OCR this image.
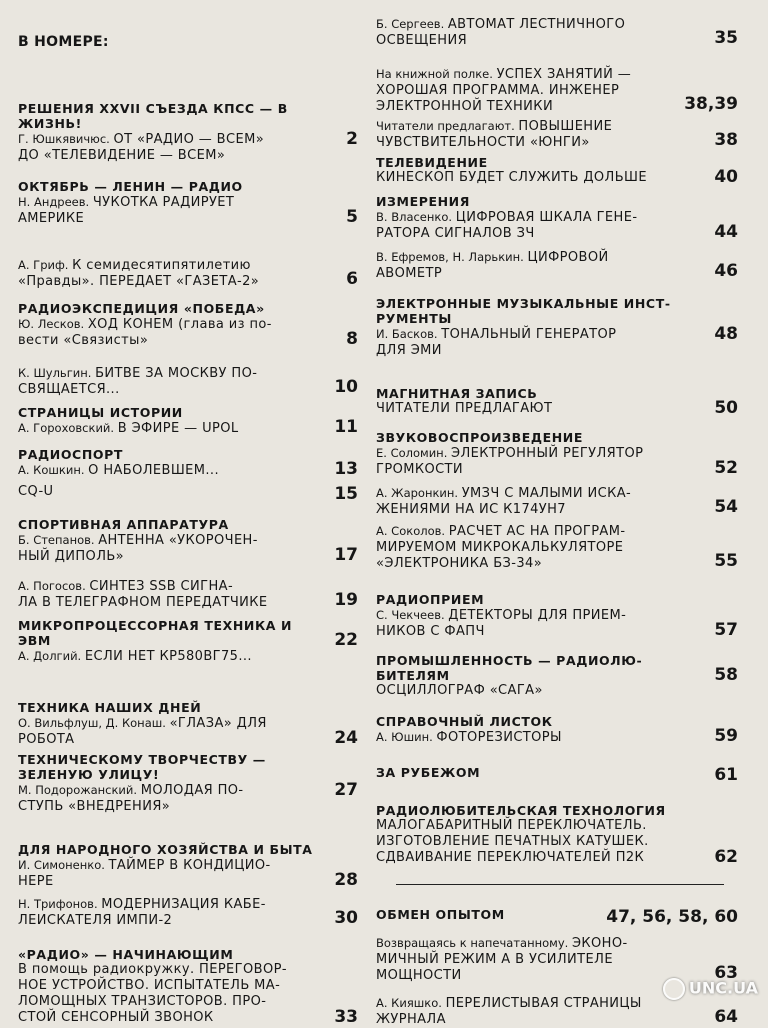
В НОМЕРЕ:
РЕШЕНИЯ XXVII СЪЕЗДА КПСС — В ЖИЗНЬ!
Г. Юшкявичюс. ОТ «РАДИО — ВСЕМ»
ДО «ТЕЛЕВИДЕНИЕ — ВСЕМ»
2
ОКТЯБРЬ — ЛЕНИН — РАДИО
Н. Андреев. ЧУКОТКА РАДИРУЕТ
АМЕРИКЕ	5
А. Гриф. К семидесятипятилетию
«Правды». ПЕРЕДАЕТ «ГАЗЕТА-2»	6
РАДИОЭКСПЕДИЦИЯ «ПОБЕДА»
Ю. Лесков. ХОД КОНЕМ (глава из по-
вести «Связисты»	8
К. Шульгин. БИТВЕ ЗА МОСКВУ ПО-
СВЯЩАЕТСЯ...	10
СТРАНИЦЫ ИСТОРИИ
А. Гороховский. В ЭФИРЕ — UPOL	11
РАДИОСПОРТ
А. Кошкин. О НАБОЛЕВШЕМ...	13
CQ-U	15
СПОРТИВНАЯ АППАРАТУРА
Б. Степанов. АНТЕННА «УКОРОЧЕН-
НЫЙ ДИПОЛЬ»	17
А. Погосов. СИНТЕЗ SSB СИГНА-
ЛА В ТЕЛЕГРАФНОМ ПЕРЕДАТЧИКЕ	19
МИКРОПРОЦЕССОРНАЯ ТЕХНИКА И ЭВМ
А. Долгий. ЕСЛИ НЕТ КР580ВГ75...
22
ТЕХНИКА НАШИХ ДНЕЙ
О. Вильфлуш, Д. Конаш. «ГЛАЗА» ДЛЯ
РОБОТА	24
ТЕХНИЧЕСКОМУ ТВОРЧЕСТВУ — ЗЕЛЕНУЮ УЛИЦУ!
М. Подорожанский. МОЛОДАЯ ПО-
СТУПЬ «ВНЕДРЕНИЯ»
27
ДЛЯ НАРОДНОГО ХОЗЯЙСТВА И БЫТА
И. Симоненко. ТАЙМЕР В КОНДИЦИО-
НЕРЕ	28
Н. Трифонов. МОДЕРНИЗАЦИЯ КАБЕ-
ЛЕИСКАТЕЛЯ ИМПИ-2	30
«РАДИО» — НАЧИНАЮЩИМ
В помощь радиокружку. ПЕРЕГОВОР-
НОЕ УСТРОЙСТВО. ИСПЫТАТЕЛЬ МА-
ЛОМОЩНЫХ ТРАНЗИСТОРОВ. ПРО-
СТОЙ СЕНСОРНЫЙ ЗВОНОК	33
Б. Сергеев. АВТОМАТ ЛЕСТНИЧНОГО
ОСВЕЩЕНИЯ	35
На книжной полке. УСПЕХ ЗАНЯТИЙ —
ХОРОШАЯ ПРОГРАММА. ИНЖЕНЕР
ЭЛЕКТРОННОЙ ТЕХНИКИ	38,39
Читатели предлагают. ПОВЫШЕНИЕ
ЧУВСТВИТЕЛЬНОСТИ «ЮНГИ»	38
ТЕЛЕВИДЕНИЕ
КИНЕСКОП БУДЕТ СЛУЖИТЬ ДОЛЬШЕ	40
ИЗМЕРЕНИЯ
В. Власенко. ЦИФРОВАЯ ШКАЛА ГЕНЕ-
РАТОРА СИГНАЛОВ ЗЧ	44
В. Ефремов, Н. Ларькин. ЦИФРОВОЙ
АВОМЕТР	46
ЭЛЕКТРОННЫЕ МУЗЫКАЛЬНЫЕ ИНСТ- РУМЕНТЫ
И. Басков. ТОНАЛЬНЫЙ ГЕНЕРАТОР
ДЛЯ ЭМИ
48
МАГНИТНАЯ ЗАПИСЬ
ЧИТАТЕЛИ ПРЕДЛАГАЮТ	50
ЗВУКОВОСПРОИЗВЕДЕНИЕ
Е. Соломин. ЭЛЕКТРОННЫЙ РЕГУЛЯТОР
ГРОМКОСТИ	52
А. Жаронкин. УМЗЧ С МАЛЫМИ ИСКА-
ЖЕНИЯМИ НА ИС К174УН7	54
А. Соколов. РАСЧЕТ АС НА ПРОГРАМ-
МИРУЕМОМ МИКРОКАЛЬКУЛЯТОРЕ
«ЭЛЕКТРОНИКА БЗ-34»	55
РАДИОПРИЕМ
С. Чекчеев. ДЕТЕКТОРЫ ДЛЯ ПРИЕМ-
НИКОВ С ФАПЧ	57
ПРОМЫШЛЕННОСТЬ — РАДИОЛЮ- БИТЕЛЯМ
ОСЦИЛЛОГРАФ «САГА»
58
СПРАВОЧНЫЙ ЛИСТОК
А. Юшин. ФОТОРЕЗИСТОРЫ	59
ЗА РУБЕЖОМ	61
РАДИОЛЮБИТЕЛЬСКАЯ ТЕХНОЛОГИЯ
МАЛОГАБАРИТНЫЙ ПЕРЕКЛЮЧАТЕЛЬ.
ИЗГОТОВЛЕНИЕ ПЕЧАТНЫХ КАТУШЕК.
СДВАИВАНИЕ ПЕРЕКЛЮЧАТЕЛЕЙ П2К	62
ОБМЕН ОПЫТОМ	47, 56, 58, 60
Возвращаясь к напечатанному. ЭКОНО-
МИЧНЫЙ РЕЖИМ А В УСИЛИТЕЛЕ
МОЩНОСТИ	63
А. Кияшко. ПЕРЕЛИСТЫВАЯ СТРАНИЦЫ
ЖУРНАЛА	64
UNC.UA
